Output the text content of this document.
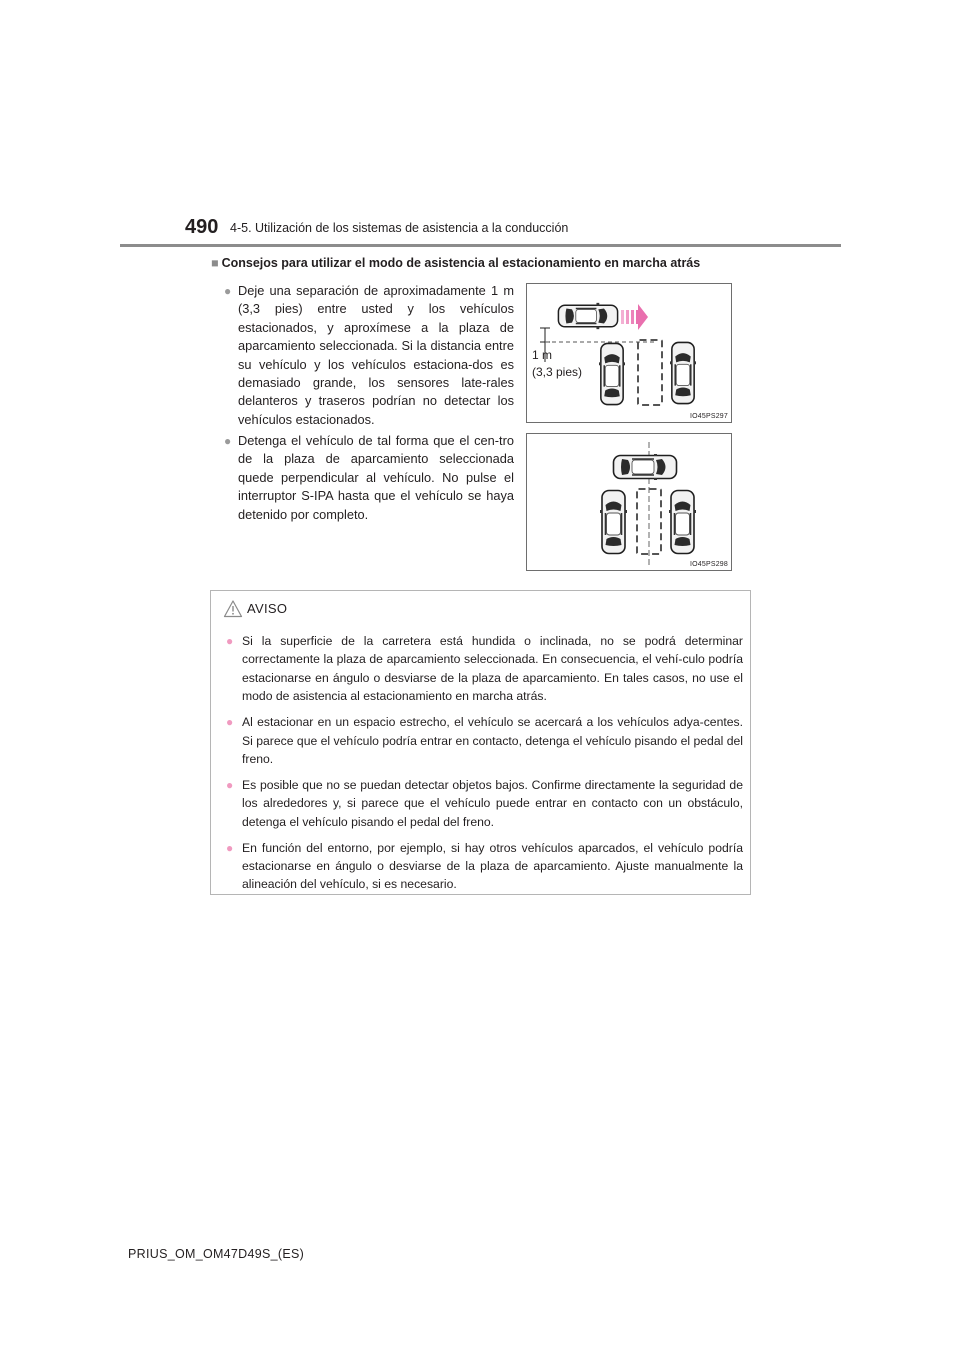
490 4-5. Utilización de los sistemas de asistencia a la conducción
■ Consejos para utilizar el modo de asistencia al estacionamiento en marcha atrás
● Deje una separación de aproximadamente 1 m (3,3 pies) entre usted y los vehículos estacionados, y aproxímese a la plaza de aparcamiento seleccionada. Si la distancia entre su vehículo y los vehículos estaciona-dos es demasiado grande, los sensores late-rales delanteros y traseros podrían no detectar los vehículos estacionados.
● Detenga el vehículo de tal forma que el cen-tro de la plaza de aparcamiento seleccionada quede perpendicular al vehículo. No pulse el interruptor S-IPA hasta que el vehículo se haya detenido por completo.
1 m
(3,3 pies)
IO45PS297
IO45PS298
AVISO
● Si la superficie de la carretera está hundida o inclinada, no se podrá determinar correctamente la plaza de aparcamiento seleccionada. En consecuencia, el vehí-culo podría estacionarse en ángulo o desviarse de la plaza de aparcamiento. En tales casos, no use el modo de asistencia al estacionamiento en marcha atrás.
● Al estacionar en un espacio estrecho, el vehículo se acercará a los vehículos adya-centes. Si parece que el vehículo podría entrar en contacto, detenga el vehículo pisando el pedal del freno.
● Es posible que no se puedan detectar objetos bajos. Confirme directamente la seguridad de los alrededores y, si parece que el vehículo puede entrar en contacto con un obstáculo, detenga el vehículo pisando el pedal del freno.
● En función del entorno, por ejemplo, si hay otros vehículos aparcados, el vehículo podría estacionarse en ángulo o desviarse de la plaza de aparcamiento. Ajuste manualmente la alineación del vehículo, si es necesario.
PRIUS_OM_OM47D49S_(ES)
